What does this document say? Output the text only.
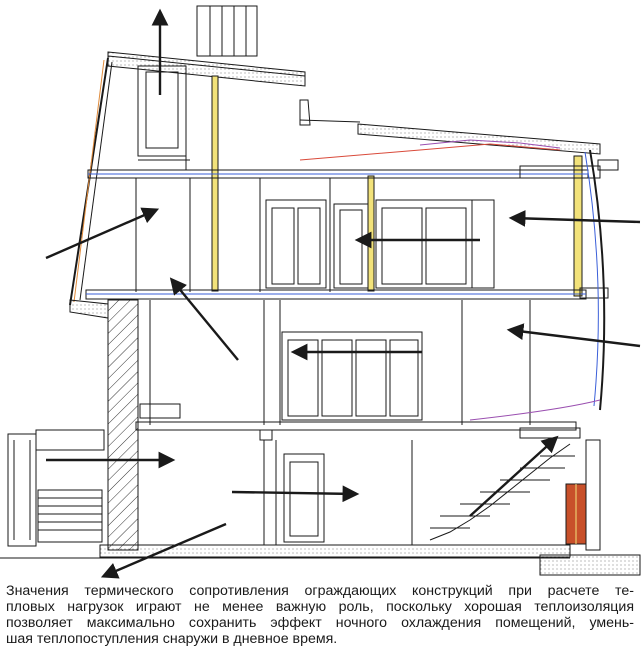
Значения термического сопротивления ограждающих конструкций при расчете те-
пловых нагрузок играют не менее важную роль, поскольку хорошая теплоизоляция
позволяет максимально сохранить эффект ночного охлаждения помещений, умень-
шая теплопоступления снаружи в дневное время.
